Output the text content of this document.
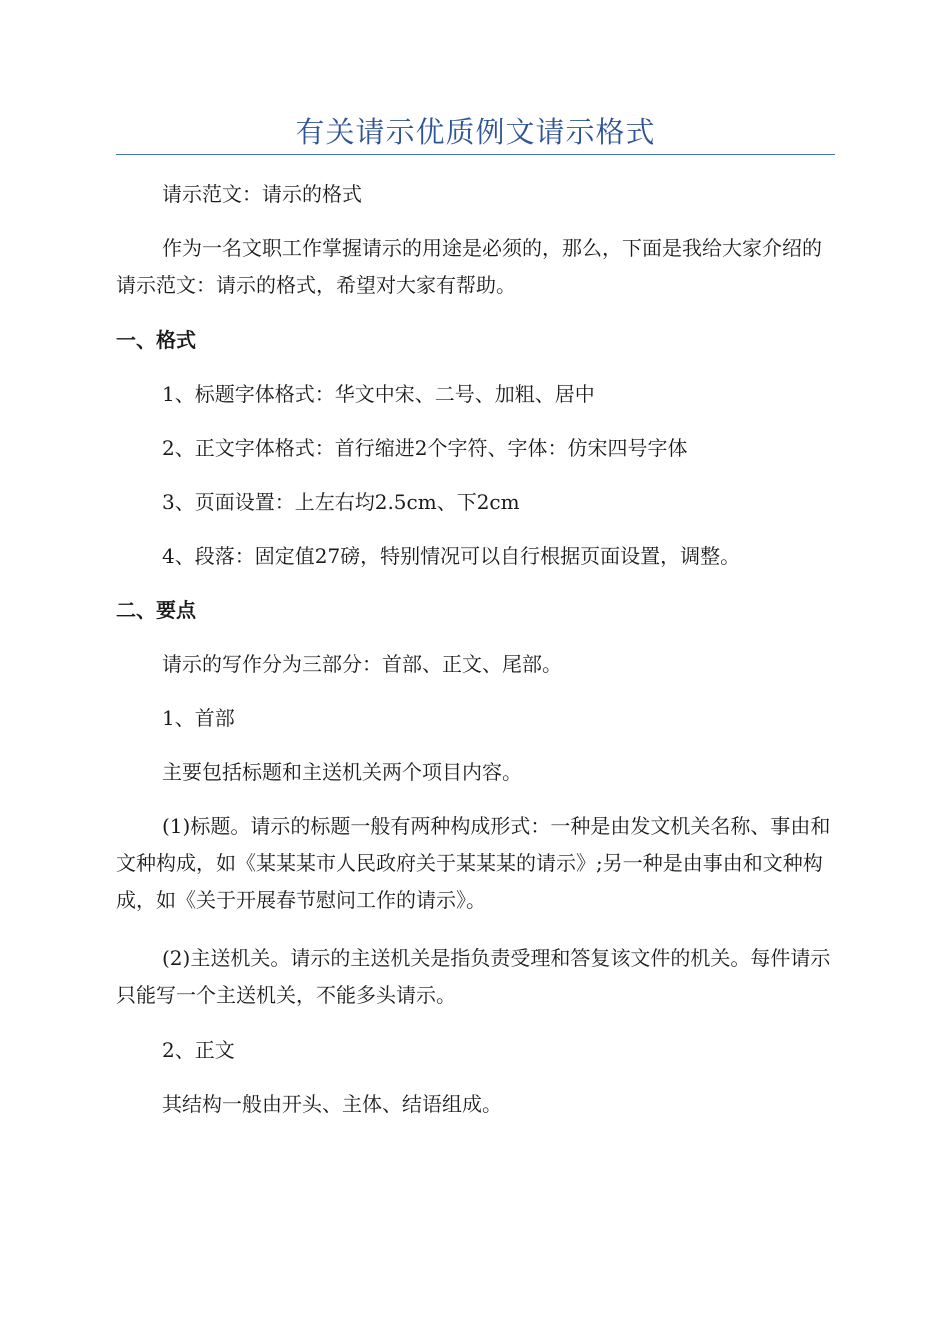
有关请示优质例文请示格式

请示范文：请示的格式

作为一名文职工作掌握请示的用途是必须的，那么，下面是我给大家介绍的请示范文：请示的格式，希望对大家有帮助。

一、格式

1、标题字体格式：华文中宋、二号、加粗、居中

2、正文字体格式：首行缩进2个字符、字体：仿宋四号字体

3、页面设置：上左右均2.5cm、下2cm

4、段落：固定值27磅，特别情况可以自行根据页面设置，调整。

二、要点

请示的写作分为三部分：首部、正文、尾部。

1、首部

主要包括标题和主送机关两个项目内容。

(1)标题。请示的标题一般有两种构成形式：一种是由发文机关名称、事由和文种构成，如《某某某市人民政府关于某某某的请示》;另一种是由事由和文种构成，如《关于开展春节慰问工作的请示》。

(2)主送机关。请示的主送机关是指负责受理和答复该文件的机关。每件请示只能写一个主送机关，不能多头请示。

2、正文

其结构一般由开头、主体、结语组成。
